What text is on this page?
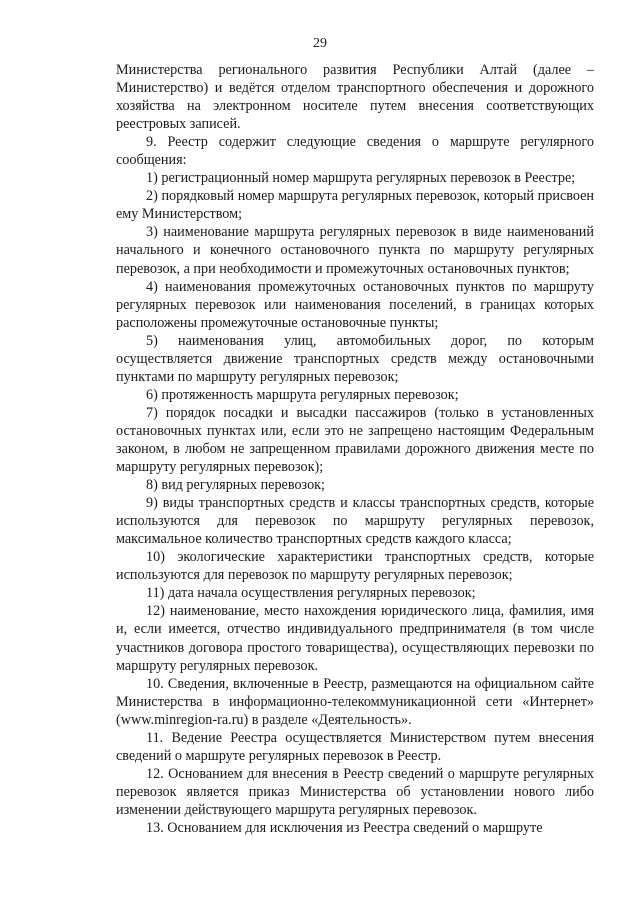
29

Министерства регионального развития Республики Алтай (далее – Министерство) и ведётся отделом транспортного обеспечения и дорожного хозяйства на электронном носителе путем внесения соответствующих реестровых записей.

9. Реестр содержит следующие сведения о маршруте регулярного сообщения:

1) регистрационный номер маршрута регулярных перевозок в Реестре;

2) порядковый номер маршрута регулярных перевозок, который присвоен ему Министерством;

3) наименование маршрута регулярных перевозок в виде наименований начального и конечного остановочного пункта по маршруту регулярных перевозок, а при необходимости и промежуточных остановочных пунктов;

4) наименования промежуточных остановочных пунктов по маршруту регулярных перевозок или наименования поселений, в границах которых расположены промежуточные остановочные пункты;

5) наименования улиц, автомобильных дорог, по которым осуществляется движение транспортных средств между остановочными пунктами по маршруту регулярных перевозок;

6) протяженность маршрута регулярных перевозок;

7) порядок посадки и высадки пассажиров (только в установленных остановочных пунктах или, если это не запрещено настоящим Федеральным законом, в любом не запрещенном правилами дорожного движения месте по маршруту регулярных перевозок);

8) вид регулярных перевозок;

9) виды транспортных средств и классы транспортных средств, которые используются для перевозок по маршруту регулярных перевозок, максимальное количество транспортных средств каждого класса;

10) экологические характеристики транспортных средств, которые используются для перевозок по маршруту регулярных перевозок;

11) дата начала осуществления регулярных перевозок;

12) наименование, место нахождения юридического лица, фамилия, имя и, если имеется, отчество индивидуального предпринимателя (в том числе участников договора простого товарищества), осуществляющих перевозки по маршруту регулярных перевозок.

10. Сведения, включенные в Реестр, размещаются на официальном сайте Министерства в информационно-телекоммуникационной сети «Интернет» (www.minregion-ra.ru) в разделе «Деятельность».

11. Ведение Реестра осуществляется Министерством путем внесения сведений о маршруте регулярных перевозок в Реестр.

12. Основанием для внесения в Реестр сведений о маршруте регулярных перевозок является приказ Министерства об установлении нового либо изменении действующего маршрута регулярных перевозок.

13. Основанием для исключения из Реестра сведений о маршруте
